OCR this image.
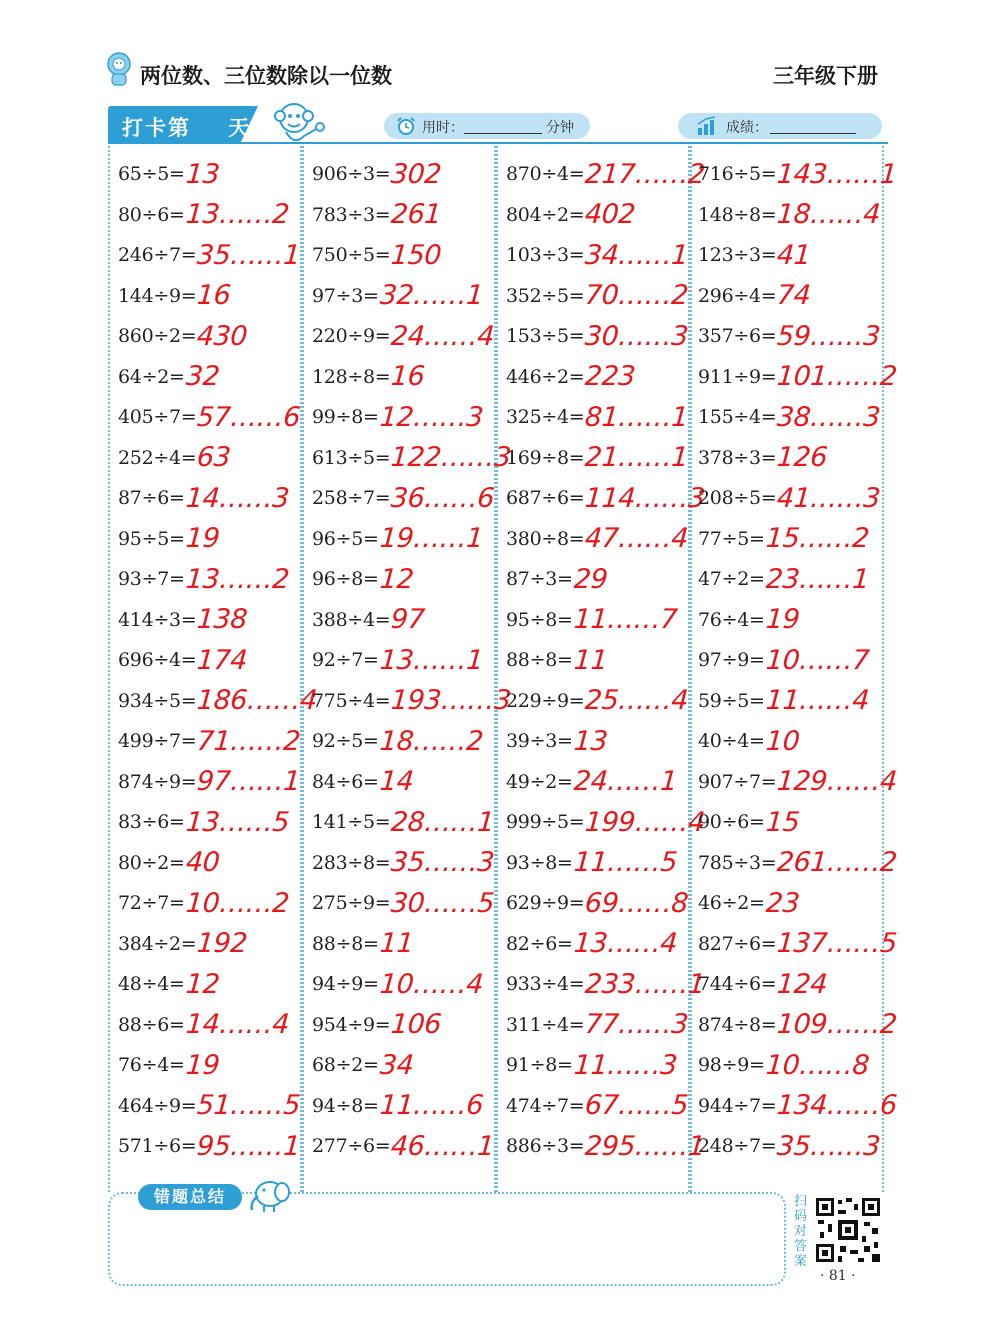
两位数、三位数除以一位数	三年级下册
打卡第    天	用时：	分钟	成绩：
65÷5= 13
80÷6= 13……2
246÷7= 35……1
144÷9= 16
860÷2= 430
64÷2= 32
405÷7= 57……6
252÷4= 63
87÷6= 14……3
95÷5= 19
93÷7= 13……2
414÷3= 138
696÷4= 174
934÷5= 186……4
499÷7= 71……2
874÷9= 97……1
83÷6= 13……5
80÷2= 40
72÷7= 10……2
384÷2= 192
48÷4= 12
88÷6= 14……4
76÷4= 19
464÷9= 51……5
571÷6= 95……1
906÷3= 302
783÷3= 261
750÷5= 150
97÷3= 32……1
220÷9= 24……4
128÷8= 16
99÷8= 12……3
613÷5= 122……3
258÷7= 36……6
96÷5= 19……1
96÷8= 12
388÷4= 97
92÷7= 13……1
775÷4= 193……3
92÷5= 18……2
84÷6= 14
141÷5= 28……1
283÷8= 35……3
275÷9= 30……5
88÷8= 11
94÷9= 10……4
954÷9= 106
68÷2= 34
94÷8= 11……6
277÷6= 46……1
870÷4= 217……2
804÷2= 402
103÷3= 34……1
352÷5= 70……2
153÷5= 30……3
446÷2= 223
325÷4= 81……1
169÷8= 21……1
687÷6= 114……3
380÷8= 47……4
87÷3= 29
95÷8= 11……7
88÷8= 11
229÷9= 25……4
39÷3= 13
49÷2= 24……1
999÷5= 199……4
93÷8= 11……5
629÷9= 69……8
82÷6= 13……4
933÷4= 233……1
311÷4= 77……3
91÷8= 11……3
474÷7= 67……5
886÷3= 295……1
716÷5= 143……1
148÷8= 18……4
123÷3= 41
296÷4= 74
357÷6= 59……3
911÷9= 101……2
155÷4= 38……3
378÷3= 126
208÷5= 41……3
77÷5= 15……2
47÷2= 23……1
76÷4= 19
97÷9= 10……7
59÷5= 11……4
40÷4= 10
907÷7= 129……4
90÷6= 15
785÷3= 261……2
46÷2= 23
827÷6= 137……5
744÷6= 124
874÷8= 109……2
98÷9= 10……8
944÷7= 134……6
248÷7= 35……3
错题总结	扫码对答案
· 81 ·
